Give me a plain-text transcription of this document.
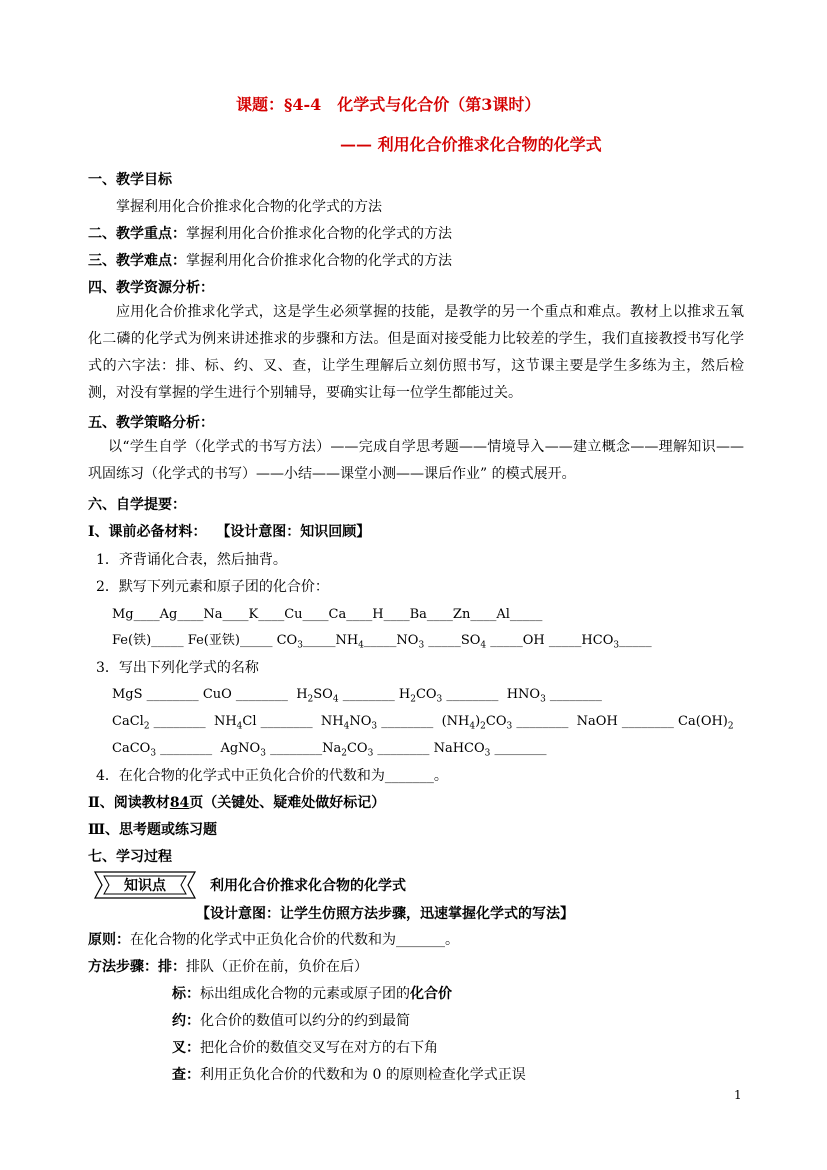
课题：§4-4　化学式与化合价（第3课时）
—— 利用化合价推求化合物的化学式
一、教学目标
掌握利用化合价推求化合物的化学式的方法
二、教学重点：掌握利用化合价推求化合物的化学式的方法
三、教学难点：掌握利用化合价推求化合物的化学式的方法
四、教学资源分析：
应用化合价推求化学式，这是学生必须掌握的技能，是教学的另一个重点和难点。教材上以推求五氧化二磷的化学式为例来讲述推求的步骤和方法。但是面对接受能力比较差的学生，我们直接教授书写化学式的六字法：排、标、约、叉、查，让学生理解后立刻仿照书写，这节课主要是学生多练为主，然后检测，对没有掌握的学生进行个别辅导，要确实让每一位学生都能过关。
五、教学策略分析：
以“学生自学（化学式的书写方法）——完成自学思考题——情境导入——建立概念——理解知识——巩固练习（化学式的书写）——小结——课堂小测——课后作业” 的模式展开。
六、自学提要：
Ⅰ、课前必备材料： 【设计意图：知识回顾】
1．齐背诵化合表，然后抽背。
2．默写下列元素和原子团的化合价：
Mg____Ag____Na____K____Cu____Ca____H____Ba____Zn____Al_____
Fe(铁)_____ Fe(亚铁)_____ $CO_3\_\_\_\_\_NH_4\_\_\_\_\_NO_3$ $\_\_\_\_\_SO_4$ _____OH $\_\_\_\_\_HCO_3\_\_\_\_\_$
3．写出下列化学式的名称
MgS ________ CuO ________  $H_2SO_4$ ________ $H_2CO_3$ ________  $HNO_3$ ________
CaCl$_2$ ________  $NH_4Cl$ ________  $NH_4NO_3$ ________  $(NH_4)_2CO_3$ ________  NaOH ________ $Ca(OH)_2$
CaCO$_3$ ________  AgNO$_3$ $\_\_\_\_\_\_\_\_Na_2CO_3$ ________ NaHCO$_3$ ________
4．在化合物的化学式中正负化合价的代数和为_______。
Ⅱ、阅读教材84页（关键处、疑难处做好标记）
Ⅲ、思考题或练习题
七、学习过程
知识点	利用化合价推求化合物的化学式
【设计意图：让学生仿照方法步骤，迅速掌握化学式的写法】
原则：在化合物的化学式中正负化合价的代数和为_______。
方法步骤：排：排队（正价在前，负价在后）
标：标出组成化合物的元素或原子团的化合价
约：化合价的数值可以约分的约到最简
叉：把化合价的数值交叉写在对方的右下角
查：利用正负化合价的代数和为 0 的原则检查化学式正误
1
